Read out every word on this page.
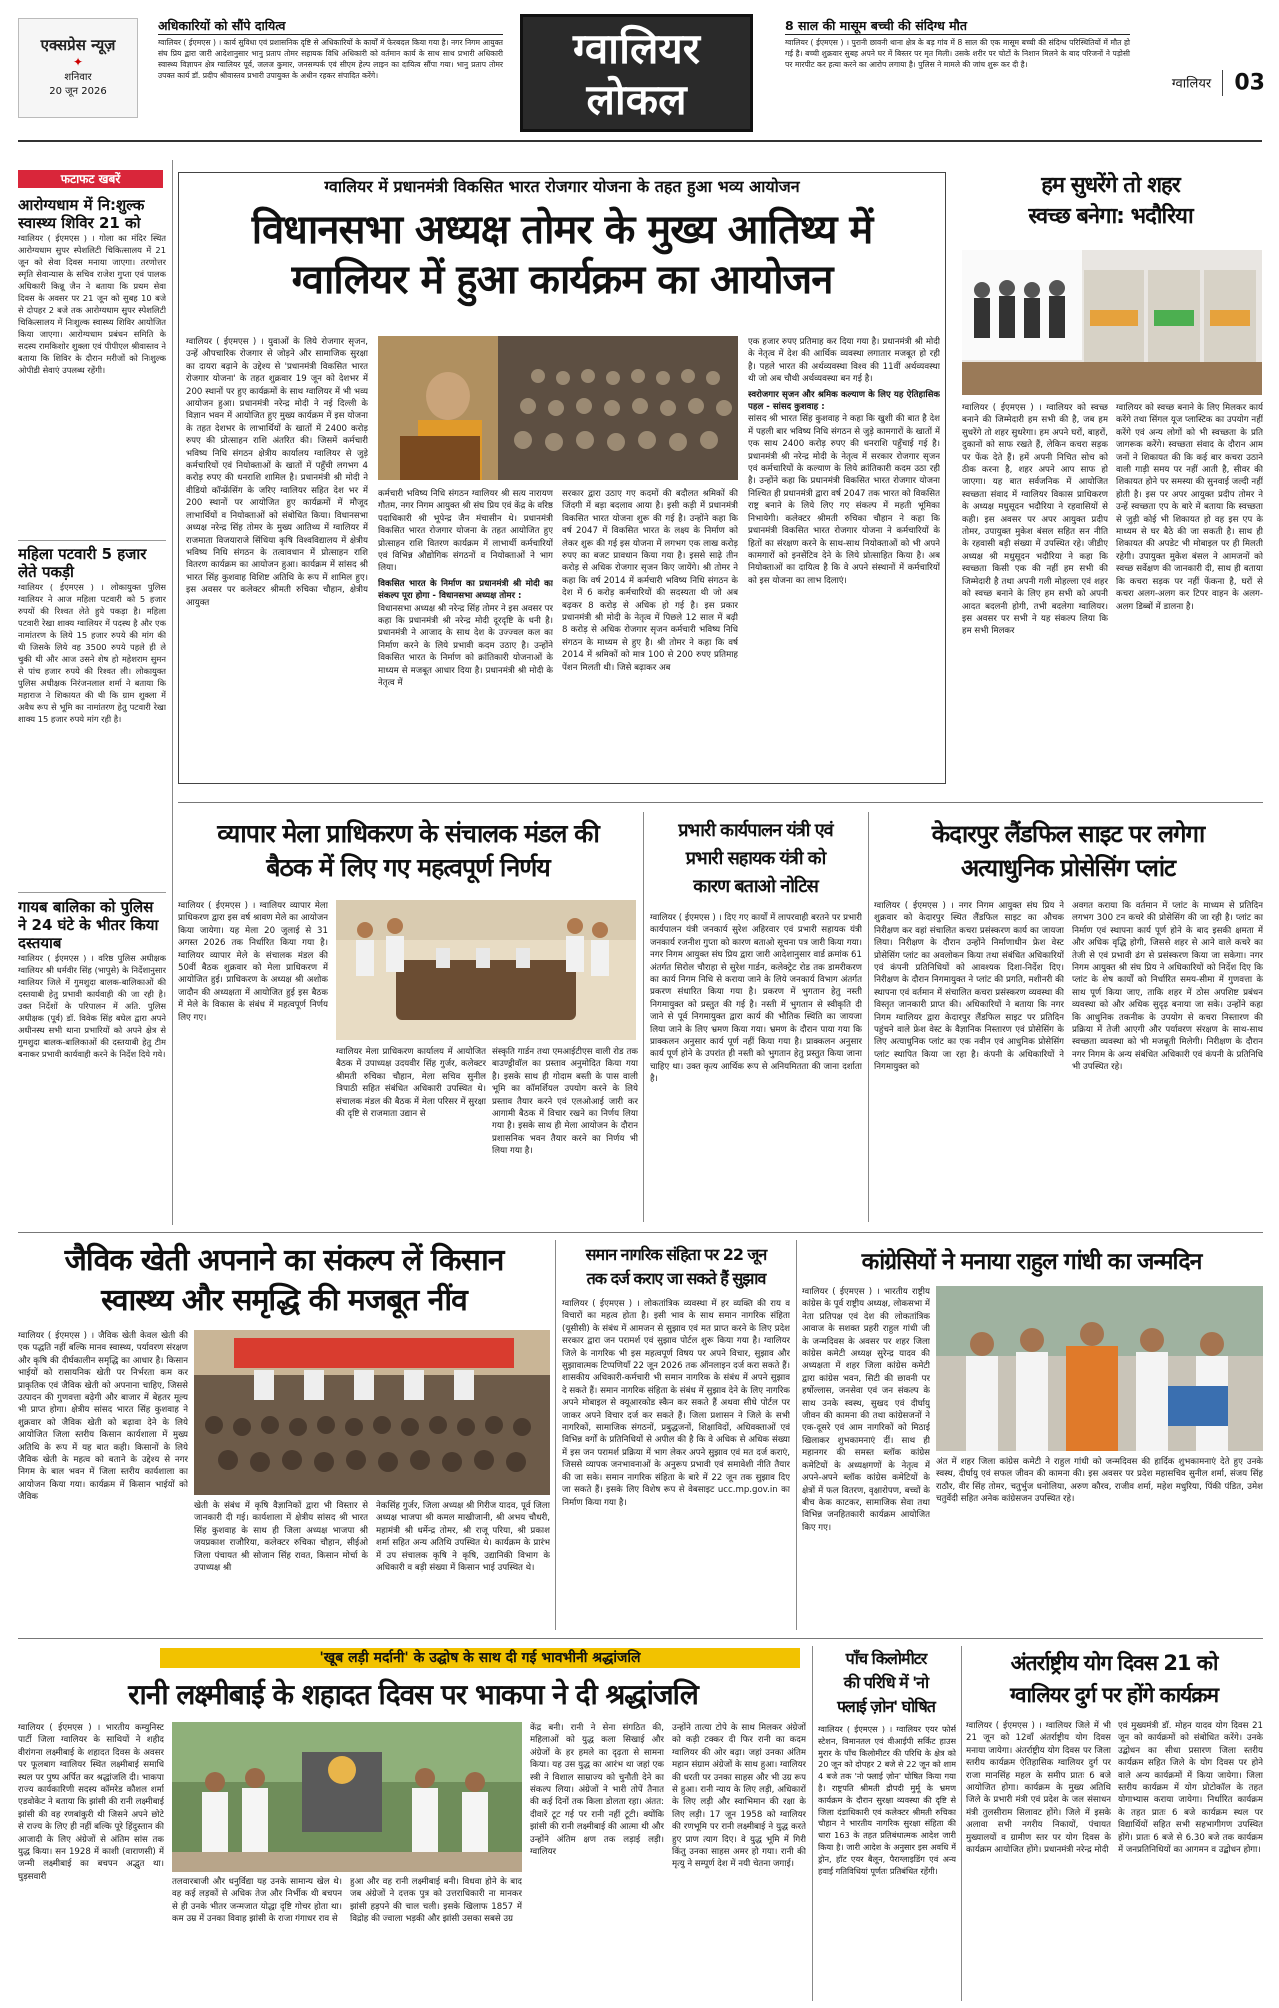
एक्सप्रेस न्यूज़
✦
शनिवार
20 जून 2026
अधिकारियों को सौंपे दायित्व
ग्वालियर ( ईएमएस ) । कार्य सुविधा एवं प्रशासनिक दृष्टि से अधिकारियों के कार्यों में फेरबदल किया गया है। नगर निगम आयुक्त संघ प्रिय द्वारा जारी आदेशानुसार भानु प्रताप तोमर सहायक विधि अधिकारी को वर्तमान कार्य के साथ साथ प्रभारी अधिकारी स्वास्थ्य विज्ञापन क्षेत्र ग्वालियर पूर्व, जलज कुमार, जनसम्पर्क एवं सीएम हेल्प लाइन का दायित्व सौंपा गया। भानु प्रताप तोमर उपक्त कार्य डॉ. प्रदीप श्रीवास्तव प्रभारी उपायुक्त के अधीन रहकर संपादित करेंगे।
ग्वालियर
लोकल
8 साल की मासूम बच्ची की संदिग्ध मौत
ग्वालियर ( ईएमएस ) । पुरानी छावनी थाना क्षेत्र के बड़ गांव में 8 साल की एक मासूम बच्ची की संदिग्ध परिस्थितियों में मौत हो गई है। बच्ची शुक्रवार सुबह अपने घर में बिस्तर पर मृत मिली। उसके शरीर पर चोटों के निशान मिलने के बाद परिजनों ने पड़ोसी पर मारपीट कर हत्या करने का आरोप लगाया है। पुलिस ने मामले की जांच शुरू कर दी है।
ग्वालियर 03
फटाफट खबरें
आरोग्यधाम में नि:शुल्क स्वास्थ्य शिविर 21 को
ग्वालियर ( ईएमएस ) । गोला का मंदिर स्थित आरोग्यधाम सुपर स्पेशलिटी चिकित्सालय में 21 जून को सेवा दिवस मनाया जाएगा। तरणोत्तर स्मृति सेवान्यास के सचिव राजेश गुप्ता एवं पालक अधिकारी किन्नू जैन ने बताया कि प्रथम सेवा दिवस के अवसर पर 21 जून को सुबह 10 बजे से दोपहर 2 बजे तक आरोग्यधाम सुपर स्पेशलिटी चिकित्सालय में निःशुल्क स्वास्थ्य शिविर आयोजित किया जाएगा। आरोग्यधाम प्रबंधन समिति के सदस्य रामकिशोर शुक्ला एवं पीपीएल श्रीवास्तव ने बताया कि शिविर के दौरान मरीजों को निःशुल्क ओपीडी सेवाएं उपलब्ध रहेंगी।
महिला पटवारी 5 हजार लेते पकड़ी
ग्वालियर ( ईएमएस ) । लोकायुक्त पुलिस ग्वालियर ने आज महिला पटवारी को 5 हजार रुपयों की रिश्वत लेते हुये पकड़ा है। महिला पटवारी रेखा शाक्य ग्वालियर में पदस्थ है और एक नामांतरण के लिये 15 हजार रुपये की मांग की थी जिसके लिये वह 3500 रुपये पहले ही ले चुकी थी और आज उसने शेष हो महेशराम सुमन से पांच हजार रुपये की रिश्वत ली। लोकायुक्त पुलिस अधीक्षक निरंजनलाल शर्मा ने बताया कि महाराज ने शिकायत की थी कि ग्राम शुक्ला में अवैध रूप से भूमि का नामांतरण हेतु पटवारी रेखा शाक्य 15 हजार रुपये मांग रही है।
गायब बालिका को पुलिस ने 24 घंटे के भीतर किया दस्तयाब
ग्वालियर ( ईएमएस ) । वरिष्ठ पुलिस अधीक्षक ग्वालियर श्री धर्मवीर सिंह (भापुसे) के निर्देशानुसार ग्वालियर जिले में गुमशुदा बालक-बालिकाओं की दस्तयाबी हेतु प्रभावी कार्यवाही की जा रही है। उक्त निर्देशों के परिपालन में अति. पुलिस अधीक्षक (पूर्व) डॉ. विवेक सिंह बघेल द्वारा अपने अधीनस्थ सभी थाना प्रभारियों को अपने क्षेत्र से गुमशुदा बालक-बालिकाओं की दस्तयाबी हेतु टीम बनाकर प्रभावी कार्यवाही करने के निर्देश दिये गये।
ग्वालियर में प्रधानमंत्री विकसित भारत रोजगार योजना के तहत हुआ भव्य आयोजन
विधानसभा अध्यक्ष तोमर के मुख्य आतिथ्य में
ग्वालियर में हुआ कार्यक्रम का आयोजन
ग्वालियर ( ईएमएस ) । युवाओं के लिये रोजगार सृजन, उन्हें औपचारिक रोजगार से जोड़ने और सामाजिक सुरक्षा का दायरा बढ़ाने के उद्देश्य से 'प्रधानमंत्री विकसित भारत रोजगार योजना' के तहत शुक्रवार 19 जून को देशभर में 200 स्थानों पर हुए कार्यक्रमों के साथ ग्वालियर में भी भव्य आयोजन हुआ। प्रधानमंत्री नरेन्द्र मोदी ने नई दिल्ली के विज्ञान भवन में आयोजित हुए मुख्य कार्यक्रम में इस योजना के तहत देशभर के लाभार्थियों के खातों में 2400 करोड़ रुपए की प्रोत्साहन राशि अंतरित की। जिसमें कर्मचारी भविष्य निधि संगठन क्षेत्रीय कार्यालय ग्वालियर से जुड़े कर्मचारियों एवं नियोक्ताओं के खातों में पहुँची लगभग 4 करोड़ रुपए की धनराशि शामिल है। प्रधानमंत्री श्री मोदी ने वीडियो कॉन्फ्रेंसिंग के जरिए ग्वालियर सहित देश भर में 200 स्थानों पर आयोजित हुए कार्यक्रमों में मौजूद लाभार्थियों व नियोक्ताओं को संबोधित किया। विधानसभा अध्यक्ष नरेन्द्र सिंह तोमर के मुख्य आतिथ्य में ग्वालियर में राजमाता विजयाराजे सिंधिया कृषि विश्वविद्यालय में क्षेत्रीय भविष्य निधि संगठन के तत्वावधान में प्रोत्साहन राशि वितरण कार्यक्रम का आयोजन हुआ। कार्यक्रम में सांसद श्री भारत सिंह कुशवाह विशिष्ट अतिथि के रूप में शामिल हुए। इस अवसर पर कलेक्टर श्रीमती रुचिका चौहान, क्षेत्रीय आयुक्त
कर्मचारी भविष्य निधि संगठन ग्वालियर श्री सत्य नारायण गौतम, नगर निगम आयुक्त श्री संघ प्रिय एवं केंद्र के वरिष्ठ पदाधिकारी श्री भूपेन्द्र जैन मंचासीन थे। प्रधानमंत्री विकसित भारत रोजगार योजना के तहत आयोजित हुए प्रोत्साहन राशि वितरण कार्यक्रम में लाभार्थी कर्मचारियों एवं विभिन्न औद्योगिक संगठनों व नियोक्ताओं ने भाग लिया।
विकसित भारत के निर्माण का प्रधानमंत्री श्री मोदी का संकल्प पूरा होगा - विधानसभा अध्यक्ष तोमर :
विधानसभा अध्यक्ष श्री नरेन्द्र सिंह तोमर ने इस अवसर पर कहा कि प्रधानमंत्री श्री नरेन्द्र मोदी दूरदृष्टि के धनी है। प्रधानमंत्री ने आजाद के साथ देश के उज्ज्वल कल का निर्माण करने के लिये प्रभावी कदम उठाए है। उन्होंने विकसित भारत के निर्माण को क्रांतिकारी योजनाओं के माध्यम से मजबूत आधार दिया है। प्रधानमंत्री श्री मोदी के नेतृत्व में
सरकार द्वारा उठाए गए कदमों की बदौलत श्रमिकों की जिंदगी में बड़ा बदलाव आया है। इसी कड़ी में प्रधानमंत्री विकसित भारत योजना शुरू की गई है। उन्होंने कहा कि वर्ष 2047 में विकसित भारत के लक्ष्य के निर्माण को लेकर शुरू की गई इस योजना में लगभग एक लाख करोड़ रुपए का बजट प्रावधान किया गया है। इससे साढ़े तीन करोड़ से अधिक रोजगार सृजन किए जायेंगे। श्री तोमर ने कहा कि वर्ष 2014 में कर्मचारी भविष्य निधि संगठन के देश में 6 करोड़ कर्मचारियों की सदस्यता थी जो अब बढ़कर 8 करोड़ से अधिक हो गई है। इस प्रकार प्रधानमंत्री श्री मोदी के नेतृत्व में पिछले 12 साल में बढ़ी 8 करोड़ से अधिक रोजगार सृजन कर्मचारी भविष्य निधि संगठन के माध्यम से हुए है। श्री तोमर ने कहा कि वर्ष 2014 में श्रमिकों को मात्र 100 से 200 रुपए प्रतिमाह पेंशन मिलती थी। जिसे बढ़ाकर अब
एक हजार रुपए प्रतिमाह कर दिया गया है। प्रधानमंत्री श्री मोदी के नेतृत्व में देश की आर्थिक व्यवस्था लगातार मजबूत हो रही है। पहले भारत की अर्थव्यवस्था विश्व की 11वीं अर्थव्यवस्था थी जो अब चौथी अर्थव्यवस्था बन गई है।
स्वरोजगार सृजन और श्रमिक कल्याण के लिए यह ऐतिहासिक पहल - सांसद कुशवाह :
सांसद श्री भारत सिंह कुशवाह ने कहा कि खुशी की बात है देश में पहली बार भविष्य निधि संगठन से जुड़े कामगारों के खातों में एक साथ 2400 करोड़ रुपए की धनराशि पहुँचाई गई है। प्रधानमंत्री श्री नरेन्द्र मोदी के नेतृत्व में सरकार रोजगार सृजन एवं कर्मचारियों के कल्याण के लिये क्रांतिकारी कदम उठा रही है। उन्होंने कहा कि प्रधानमंत्री विकसित भारत रोजगार योजना निश्चित ही प्रधानमंत्री द्वारा वर्ष 2047 तक भारत को विकसित राष्ट्र बनाने के लिये लिए गए संकल्प में महती भूमिका निभायेगी। कलेक्टर श्रीमती रुचिका चौहान ने कहा कि प्रधानमंत्री विकसित भारत रोजगार योजना ने कर्मचारियों के हितों का संरक्षण करने के साथ-साथ नियोक्ताओं को भी अपने कामगारों को इनसेंटिव देने के लिये प्रोत्साहित किया है। अब नियोक्ताओं का दायित्व है कि वे अपने संस्थानों में कर्मचारियों को इस योजना का लाभ दिलाएं।
हम सुधरेंगे तो शहर
स्वच्छ बनेगा: भदौरिया
ग्वालियर ( ईएमएस ) । ग्वालियर को स्वच्छ बनाने की जिम्मेदारी हम सभी की है, जब हम सुधरेंगे तो शहर सुधरेगा। हम अपने घरों, बाहरों, दुकानों को साफ रखते हैं, लेकिन कचरा सड़क पर फेंक देते हैं। हमें अपनी निचित सोच को ठीक करना है, शहर अपने आप साफ हो जाएगा। यह बात सर्वजनिक में आयोजित स्वच्छता संवाद में ग्वालियर विकास प्राधिकरण के अध्यक्ष मधुसूदन भदौरिया ने रहवासियों से कही। इस अवसर पर अपर आयुक्त प्रदीप तोमर, उपायुक्त मुकेश बंसल सहित सन नीति के रहवासी बड़ी संख्या में उपस्थित रहे। जीडीए अध्यक्ष श्री मधुसूदन भदौरिया ने कहा कि स्वच्छता किसी एक की नहीं हम सभी की जिम्मेदारी है तथा अपनी गली मोहल्ला एवं शहर को स्वच्छ बनाने के लिए हम सभी को अपनी आदत बदलनी होगी, तभी बदलेगा ग्वालियर। इस अवसर पर सभी ने यह संकल्प लिया कि हम सभी मिलकर
ग्वालियर को स्वच्छ बनाने के लिए मिलकर कार्य करेंगे तथा सिंगल यूज प्लास्टिक का उपयोग नहीं करेंगे एवं अन्य लोगों को भी स्वच्छता के प्रति जागरूक करेंगे। स्वच्छता संवाद के दौरान आम जनों ने शिकायत की कि कई बार कचरा उठाने वाली गाड़ी समय पर नहीं आती है, सीवर की शिकायत होने पर समस्या की सुनवाई जल्दी नहीं होती है। इस पर अपर आयुक्त प्रदीप तोमर ने उन्हें स्वच्छता एप के बारे में बताया कि स्वच्छता से जुड़ी कोई भी शिकायत हो वह इस एप के माध्यम से घर बैठे की जा सकती है। साथ ही शिकायत की अपडेट भी मोबाइल पर ही मिलती रहेगी। उपायुक्त मुकेश बंसल ने आमजनों को स्वच्छ सर्वेक्षण की जानकारी दी, साथ ही बताया कि कचरा सड़क पर नहीं फेंकना है, घरों से कचरा अलग-अलग कर टिपर वाहन के अलग-अलग डिब्बों में डालना है।
व्यापार मेला प्राधिकरण के संचालक मंडल की
बैठक में लिए गए महत्वपूर्ण निर्णय
ग्वालियर ( ईएमएस ) । ग्वालियर व्यापार मेला प्राधिकरण द्वारा इस वर्ष श्रावण मेले का आयोजन किया जायेगा। यह मेला 20 जुलाई से 31 अगस्त 2026 तक निर्धारित किया गया है। ग्वालियर व्यापार मेले के संचालक मंडल की 50वीं बैठक शुक्रवार को मेला प्राधिकरण में आयोजित हुई। प्राधिकरण के अध्यक्ष श्री अशोक जादौन की अध्यक्षता में आयोजित हुई इस बैठक में मेले के विकास के संबंध में महत्वपूर्ण निर्णय लिए गए।
ग्वालियर मेला प्राधिकरण कार्यालय में आयोजित बैठक में उपाध्यक्ष उदयवीर सिंह गुर्जर, कलेक्टर श्रीमती रुचिका चौहान, मेला सचिव सुनील त्रिपाठी सहित संबंधित अधिकारी उपस्थित थे। संचालक मंडल की बैठक में मेला परिसर में सुरक्षा की दृष्टि से राजमाता उद्यान से
संस्कृति गार्डन तथा एमआईटीएस वाली रोड तक बाउण्ड्रीवॉल का प्रस्ताव अनुमोदित किया गया है। इसके साथ ही गोदाम बस्ती के पास वाली भूमि का कॉमर्शियल उपयोग करने के लिये प्रस्ताव तैयार करने एवं एलओआई जारी कर आगामी बैठक में विचार रखने का निर्णय लिया गया है। इसके साथ ही मेला आयोजन के दौरान प्रशासनिक भवन तैयार करने का निर्णय भी लिया गया है।
प्रभारी कार्यपालन यंत्री एवं
प्रभारी सहायक यंत्री को
कारण बताओ नोटिस
ग्वालियर ( ईएमएस ) । दिए गए कार्यों में लापरवाही बरतने पर प्रभारी कार्यपालन यंत्री जनकार्य सुरेश अहिरवार एवं प्रभारी सहायक यंत्री जनकार्य रजनीश गुप्ता को कारण बताओ सूचना पत्र जारी किया गया। नगर निगम आयुक्त संघ प्रिय द्वारा जारी आदेशानुसार वार्ड क्रमांक 61 अंतर्गत सिरोल चौराहा से सुरेश गार्डन, कलेक्ट्रेट रोड तक डामरीकरण का कार्य निगम निधि से कराया जाने के लिये जनकार्य विभाग अंतर्गत प्रकरण संधारित किया गया है। प्रकरण में भुगतान हेतु नस्ती निगमायुक्त को प्रस्तुत की गई है। नस्ती में भुगतान से स्वीकृति दी जाने से पूर्व निगमायुक्त द्वारा कार्य की भौतिक स्थिति का जायजा लिया जाने के लिए भ्रमण किया गया। भ्रमण के दौरान पाया गया कि प्राक्कलन अनुसार कार्य पूर्ण नहीं किया गया है। प्राक्कलन अनुसार कार्य पूर्ण होने के उपरांत ही नस्ती को भुगतान हेतु प्रस्तुत किया जाना चाहिए था। उक्त कृत्य आर्थिक रूप से अनियमितता की जाना दर्शाता है।
केदारपुर लैंडफिल साइट पर लगेगा
अत्याधुनिक प्रोसेसिंग प्लांट
ग्वालियर ( ईएमएस ) । नगर निगम आयुक्त संघ प्रिय ने शुक्रवार को केदारपुर स्थित लैंडफिल साइट का औचक निरीक्षण कर वहां संचालित कचरा प्रसंस्करण कार्य का जायजा लिया। निरीक्षण के दौरान उन्होंने निर्माणाधीन फ्रेश वेस्ट प्रोसेसिंग प्लांट का अवलोकन किया तथा संबंधित अधिकारियों एवं कंपनी प्रतिनिधियों को आवश्यक दिशा-निर्देश दिए। निरीक्षण के दौरान निगमायुक्त ने प्लांट की प्रगति, मशीनरी की स्थापना एवं वर्तमान में संचालित कचरा प्रसंस्करण व्यवस्था की विस्तृत जानकारी प्राप्त की। अधिकारियों ने बताया कि नगर निगम ग्वालियर द्वारा केदारपुर लैंडफिल साइट पर प्रतिदिन पहुंचने वाले फ्रेश वेस्ट के वैज्ञानिक निस्तारण एवं प्रोसेसिंग के लिए अत्याधुनिक प्लांट का एक नवीन एवं आधुनिक प्रोसेसिंग प्लांट स्थापित किया जा रहा है। कंपनी के अधिकारियों ने निगमायुक्त को
अवगत कराया कि वर्तमान में प्लांट के माध्यम से प्रतिदिन लगभग 300 टन कचरे की प्रोसेसिंग की जा रही है। प्लांट का निर्माण एवं स्थापना कार्य पूर्ण होने के बाद इसकी क्षमता में और अधिक वृद्धि होगी, जिससे शहर से आने वाले कचरे का तेजी से एवं प्रभावी ढंग से प्रसंस्करण किया जा सकेगा। नगर निगम आयुक्त श्री संघ प्रिय ने अधिकारियों को निर्देश दिए कि प्लांट के शेष कार्यों को निर्धारित समय-सीमा में गुणवत्ता के साथ पूर्ण किया जाए, ताकि शहर में ठोस अपशिष्ट प्रबंधन व्यवस्था को और अधिक सुदृढ़ बनाया जा सके। उन्होंने कहा कि आधुनिक तकनीक के उपयोग से कचरा निस्तारण की प्रक्रिया में तेजी आएगी और पर्यावरण संरक्षण के साथ-साथ स्वच्छता व्यवस्था को भी मजबूती मिलेगी। निरीक्षण के दौरान नगर निगम के अन्य संबंधित अधिकारी एवं कंपनी के प्रतिनिधि भी उपस्थित रहे।
जैविक खेती अपनाने का संकल्प लें किसान
स्वास्थ्य और समृद्धि की मजबूत नींव
ग्वालियर ( ईएमएस ) । जैविक खेती केवल खेती की एक पद्धति नहीं बल्कि मानव स्वास्थ्य, पर्यावरण संरक्षण और कृषि की दीर्घकालीन समृद्धि का आधार है। किसान भाईयों को रासायनिक खेती पर निर्भरता कम कर प्राकृतिक एवं जैविक खेती को अपनाना चाहिए, जिससे उत्पादन की गुणवत्ता बढ़ेगी और बाजार में बेहतर मूल्य भी प्राप्त होगा। क्षेत्रीय सांसद भारत सिंह कुशवाह ने शुक्रवार को जैविक खेती को बढ़ावा देने के लिये आयोजित जिला स्तरीय किसान कार्यशाला में मुख्य अतिथि के रूप में यह बात कही। किसानों के लिये जैविक खेती के महत्व को बताने के उद्देश्य से नगर निगम के बाल भवन में जिला स्तरीय कार्यशाला का आयोजन किया गया। कार्यक्रम में किसान भाईयों को जैविक
खेती के संबंध में कृषि वैज्ञानिकों द्वारा भी विस्तार से जानकारी दी गई। कार्यशाला में क्षेत्रीय सांसद श्री भारत सिंह कुशवाह के साथ ही जिला अध्यक्ष भाजपा श्री जयप्रकाश राजौरिया, कलेक्टर रुचिका चौहान, सीईओ जिला पंचायत श्री सोजान सिंह रावत, किसान मोर्चा के उपाध्यक्ष श्री
नेकसिंह गुर्जर, जिला अध्यक्ष श्री गिरीज यादव, पूर्व जिला अध्यक्ष भाजपा श्री कमल माखीजानी, श्री अभय चौधरी, महामंत्री श्री धर्मेन्द्र तोमर, श्री राजू परिया, श्री प्रकाश शर्मा सहित अन्य अतिथि उपस्थित थे। कार्यक्रम के प्रारंभ में उप संचालक कृषि ने कृषि, उद्यानिकी विभाग के अधिकारी व बड़ी संख्या में किसान भाई उपस्थित थे।
समान नागरिक संहिता पर 22 जून
तक दर्ज कराए जा सकते हैं सुझाव
ग्वालियर ( ईएमएस ) । लोकतांत्रिक व्यवस्था में हर व्यक्ति की राय व विचारों का महत्व होता है। इसी भाव के साथ समान नागरिक संहिता (यूसीसी) के संबंध में आमजन से सुझाव एवं मत प्राप्त करने के लिए प्रदेश सरकार द्वारा जन परामर्श एवं सुझाव पोर्टल शुरू किया गया है। ग्वालियर जिले के नागरिक भी इस महत्वपूर्ण विषय पर अपने विचार, सुझाव और सुझावात्मक टिप्पणियाँ 22 जून 2026 तक ऑनलाइन दर्ज करा सकते हैं। शासकीय अधिकारी-कर्मचारी भी समान नागरिक के संबंध में अपने सुझाव दे सकते हैं। समान नागरिक संहिता के संबंध में सुझाव देने के लिए नागरिक अपने मोबाइल से क्यूआरकोड स्कैन कर सकते हैं अथवा सीधे पोर्टल पर जाकर अपने विचार दर्ज कर सकते हैं। जिला प्रशासन ने जिले के सभी नागरिकों, सामाजिक संगठनों, प्रबुद्धजनों, शिक्षाविदों, अधिवक्ताओं एवं विभिन्न वर्गों के प्रतिनिधियों से अपील की है कि वे अधिक से अधिक संख्या में इस जन परामर्श प्रक्रिया में भाग लेकर अपने सुझाव एवं मत दर्ज कराएं, जिससे व्यापक जनभावनाओं के अनुरूप प्रभावी एवं समावेशी नीति तैयार की जा सके। समान नागरिक संहिता के बारे में 22 जून तक सुझाव दिए जा सकते हैं। इसके लिए विशेष रूप से वेबसाइट ucc.mp.gov.in का निर्माण किया गया है।
कांग्रेसियों ने मनाया राहुल गांधी का जन्मदिन
ग्वालियर ( ईएमएस ) । भारतीय राष्ट्रीय कांग्रेस के पूर्व राष्ट्रीय अध्यक्ष, लोकसभा में नेता प्रतिपक्ष एवं देश की लोकतांत्रिक आवाज के सशक्त प्रहरी राहुल गांधी जी के जन्मदिवस के अवसर पर शहर जिला कांग्रेस कमेटी अध्यक्ष सुरेन्द्र यादव की अध्यक्षता में शहर जिला कांग्रेस कमेटी द्वारा कांग्रेस भवन, सिटी की छावनी पर हर्षोल्लास, जनसेवा एवं जन संकल्प के साथ उनके स्वस्थ, सुखद एवं दीर्घायु जीवन की कामना की तथा कांग्रेसजनों ने एक-दूसरे एवं आम नागरिकों को मिठाई खिलाकर शुभकामनाएं दीं। साथ ही महानगर की समस्त ब्लॉक कांग्रेस कमेटियों के अध्यक्षगणों के नेतृत्व में अपने-अपने ब्लॉक कांग्रेस कमेटियों के क्षेत्रों में फल वितरण, वृक्षारोपण, बच्चों के बीच केक काटकर, सामाजिक सेवा तथा विभिन्न जनहितकारी कार्यक्रम आयोजित किए गए।
अंत में शहर जिला कांग्रेस कमेटी ने राहुल गांधी को जन्मदिवस की हार्दिक शुभकामनाएं देते हुए उनके स्वस्थ, दीर्घायु एवं सफल जीवन की कामना की। इस अवसर पर प्रदेश महासचिव सुनील शर्मा, संजय सिंह राठौर, वीर सिंह तोमर, चतुर्भुज धनोलिया, अरुण कौरव, राजीव शर्मा, महेश मधुरिया, पिंकी पंडित, उमेश चतुर्वेदी सहित अनेक कांग्रेसजन उपस्थित रहे।
'खूब लड़ी मर्दानी' के उद्घोष के साथ दी गई भावभीनी श्रद्धांजलि
रानी लक्ष्मीबाई के शहादत दिवस पर भाकपा ने दी श्रद्धांजलि
ग्वालियर ( ईएमएस ) । भारतीय कम्युनिस्ट पार्टी जिला ग्वालियर के साथियों ने शहीद वीरांगना लक्ष्मीबाई के शहादत दिवस के अवसर पर फूलबाग ग्वालियर स्थित लक्ष्मीबाई समाधि स्थल पर पुष्प अर्पित कर श्रद्धांजलि दी। भाकपा राज्य कार्यकारिणी सदस्य कॉमरेड कौशल शर्मा एडवोकेट ने बताया कि झांसी की रानी लक्ष्मीबाई झांसी की वह रणबांकुरी थी जिसने अपने छोटे से राज्य के लिए ही नहीं बल्कि पूरे हिंदुस्तान की आजादी के लिए अंग्रेजों से अंतिम सांस तक युद्ध किया। सन 1928 में काशी (वाराणसी) में जन्मी लक्ष्मीबाई का बचपन अद्भुत था। घुड़सवारी
तलवारबाजी और धनुर्विद्या यह उनके सामान्य खेल थे। वह कई लड़कों से अधिक तेज और निर्भीक थी बचपन से ही उनके भीतर जन्मजात योद्धा दृष्टि गोचर होता था। कम उम्र में उनका विवाह झांसी के राजा गंगाधर राव से
हुआ और वह रानी लक्ष्मीबाई बनी। विधवा होने के बाद जब अंग्रेजों ने दत्तक पुत्र को उत्तराधिकारी ना मानकर झांसी हड़पने की चाल चली। इसके खिलाफ 1857 में विद्रोह की ज्वाला भड़की और झांसी उसका सबसे उग्र
केंद्र बनी। रानी ने सेना संगठित की, महिलाओं को युद्ध कला सिखाई और अंग्रेजों के हर हमले का दृढ़ता से सामना किया। यह उस युद्ध का आरंभ था जहां एक स्त्री ने विशाल साम्राज्य को चुनौती देने का संकल्प लिया। अंग्रेजों ने भारी तोपें तैनात की कई दिनों तक किला डोलता रहा। अंतत: दीवारें टूट गई पर रानी नहीं टूटी। क्योंकि झांसी की रानी लक्ष्मीबाई की आत्मा थी और उन्होंने अंतिम क्षण तक लड़ाई लड़ी। ग्वालियर
उन्होंने तात्या टोपे के साथ मिलकर अंग्रेजों को कड़ी टक्कर दी फिर रानी का कदम ग्वालियर की ओर बढ़ा। जहां उनका अंतिम महान संग्राम अंग्रेजों के साथ हुआ। ग्वालियर की धरती पर उनका साहस और भी उग्र रूप से हुआ। रानी न्याय के लिए लड़ी, अधिकारों के लिए लड़ी और स्वाभिमान की रक्षा के लिए लड़ी। 17 जून 1958 को ग्वालियर की रणभूमि पर रानी लक्ष्मीबाई ने युद्ध करते हुए प्राण त्याग दिए। वे युद्ध भूमि में गिरी किंतु उनका साहस अमर हो गया। रानी की मृत्यु ने सम्पूर्ण देश में नयी चेतना जगाई।
पाँच किलोमीटर
की परिधि में 'नो
फ्लाई ज़ोन' घोषित
ग्वालियर ( ईएमएस ) । ग्वालियर एयर फोर्स स्टेशन, विमानतल एवं वीआईपी सर्किट हाउस मुरार के पाँच किलोमीटर की परिधि के क्षेत्र को 20 जून को दोपहर 2 बजे से 22 जून को शाम 4 बजे तक 'नो फ्लाई ज़ोन' घोषित किया गया है। राष्ट्रपति श्रीमती द्रौपदी मुर्मू के भ्रमण कार्यक्रम के दौरान सुरक्षा व्यवस्था की दृष्टि से जिला दंडाधिकारी एवं कलेक्टर श्रीमती रुचिका चौहान ने भारतीय नागरिक सुरक्षा संहिता की धारा 163 के तहत प्रतिबंधात्मक आदेश जारी किया है। जारी आदेश के अनुसार इस अवधि में ड्रोन, हॉट एयर बैलून, पैराग्लाइडिंग एवं अन्य हवाई गतिविधियां पूर्णतः प्रतिबंधित रहेंगी।
अंतर्राष्ट्रीय योग दिवस 21 को
ग्वालियर दुर्ग पर होंगे कार्यक्रम
ग्वालियर ( ईएमएस ) । ग्वालियर जिले में भी 21 जून को 12वाँ अंतर्राष्ट्रीय योग दिवस मनाया जायेगा। अंतर्राष्ट्रीय योग दिवस पर जिला स्तरीय कार्यक्रम ऐतिहासिक ग्वालियर दुर्ग पर राजा मानसिंह महल के समीप प्रातः 6 बजे आयोजित होगा। कार्यक्रम के मुख्य अतिथि जिले के प्रभारी मंत्री एवं प्रदेश के जल संसाधन मंत्री तुलसीराम सिलावट होंगे। जिले में इसके अलावा सभी नगरीय निकायों, पंचायत मुख्यालयों व ग्रामीण स्तर पर योग दिवस के कार्यक्रम आयोजित होंगे। प्रधानमंत्री नरेन्द्र मोदी
एवं मुख्यमंत्री डॉ. मोहन यादव योग दिवस 21 जून को कार्यक्रमों को संबोधित करेंगे। उनके उद्बोधन का सीधा प्रसारण जिला स्तरीय कार्यक्रम सहित जिले के योग दिवस पर होने वाले अन्य कार्यक्रमों में किया जायेगा। जिला स्तरीय कार्यक्रम में योग प्रोटोकॉल के तहत योगाभ्यास कराया जायेगा। निर्धारित कार्यक्रम के तहत प्रातः 6 बजे कार्यक्रम स्थल पर विद्यार्थियों सहित सभी सहभागीगण उपस्थित होंगे। प्रातः 6 बजे से 6.30 बजे तक कार्यक्रम में जनप्रतिनिधियों का आगमन व उद्बोधन होगा।
